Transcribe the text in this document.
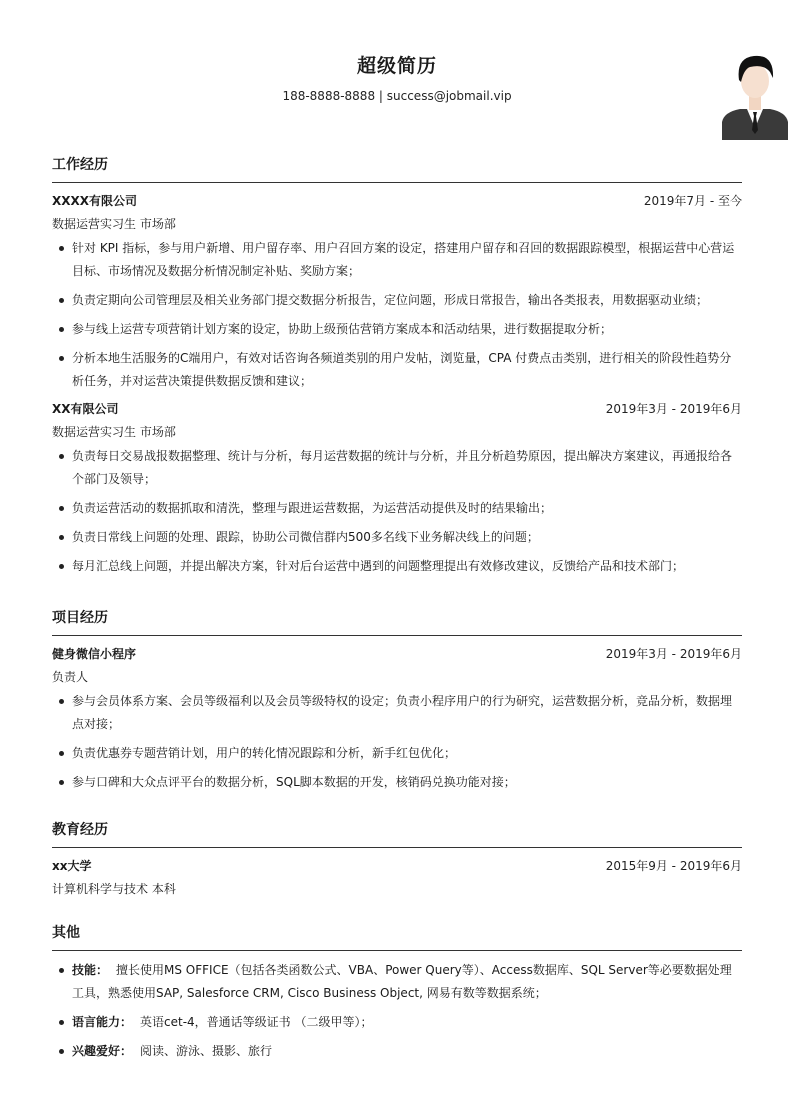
超级简历
188-8888-8888 | success@jobmail.vip
工作经历
XXXX有限公司	2019年7月 - 至今
数据运营实习生 市场部
针对 KPI 指标，参与用户新增、用户留存率、用户召回方案的设定，搭建用户留存和召回的数据跟踪模型，根据运营中心营运目标、市场情况及数据分析情况制定补贴、奖励方案；
负责定期向公司管理层及相关业务部门提交数据分析报告，定位问题，形成日常报告，输出各类报表，用数据驱动业绩；
参与线上运营专项营销计划方案的设定，协助上级预估营销方案成本和活动结果，进行数据提取分析；
分析本地生活服务的C端用户，有效对话咨询各频道类别的用户发帖，浏览量，CPA 付费点击类别，进行相关的阶段性趋势分析任务，并对运营决策提供数据反馈和建议；
XX有限公司	2019年3月 - 2019年6月
数据运营实习生 市场部
负责每日交易战报数据整理、统计与分析，每月运营数据的统计与分析，并且分析趋势原因，提出解决方案建议，再通报给各个部门及领导；
负责运营活动的数据抓取和清洗，整理与跟进运营数据，为运营活动提供及时的结果输出；
负责日常线上问题的处理、跟踪，协助公司微信群内500多名线下业务解决线上的问题；
每月汇总线上问题，并提出解决方案，针对后台运营中遇到的问题整理提出有效修改建议，反馈给产品和技术部门；
项目经历
健身微信小程序	2019年3月 - 2019年6月
负责人
参与会员体系方案、会员等级福利以及会员等级特权的设定；负责小程序用户的行为研究，运营数据分析，竞品分析，数据埋点对接；
负责优惠券专题营销计划，用户的转化情况跟踪和分析，新手红包优化；
参与口碑和大众点评平台的数据分析，SQL脚本数据的开发，核销码兑换功能对接；
教育经历
xx大学	2015年9月 - 2019年6月
计算机科学与技术 本科
其他
技能： 擅长使用MS OFFICE（包括各类函数公式、VBA、Power Query等）、Access数据库、SQL Server等必要数据处理工具，熟悉使用SAP, Salesforce CRM, Cisco Business Object, 网易有数等数据系统；
语言能力： 英语cet-4，普通话等级证书 （二级甲等）；
兴趣爱好： 阅读、游泳、摄影、旅行
